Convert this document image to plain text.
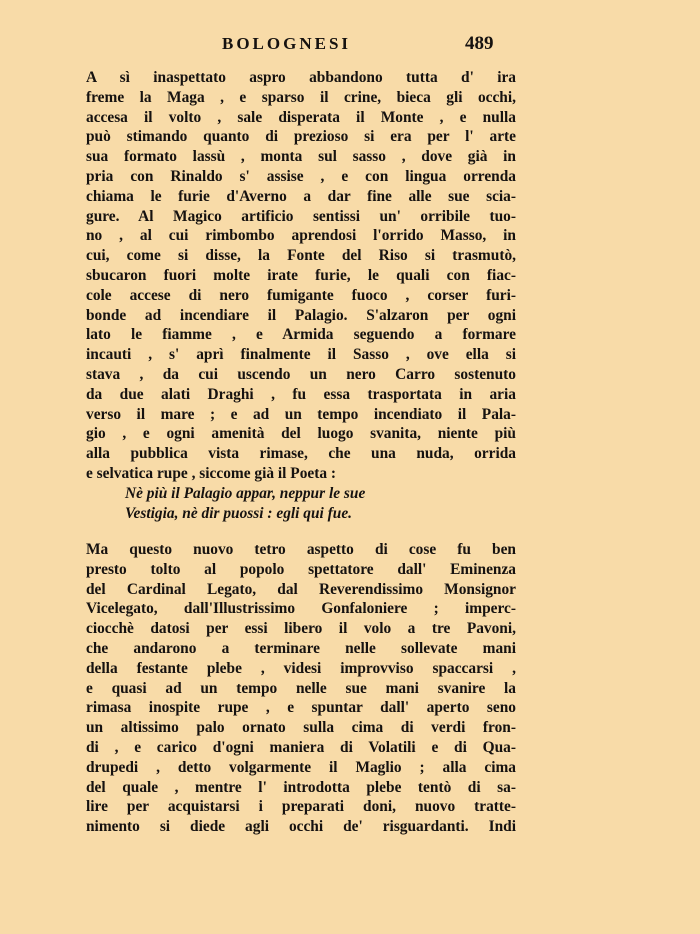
BOLOGNESI	489
A sì inaspettato aspro abbandono tutta d' ira
freme la Maga , e sparso il crine, bieca gli occhi,
accesa il volto , sale disperata il Monte , e nulla
può stimando quanto di prezioso si era per l' arte
sua formato lassù , monta sul sasso , dove già in
pria con Rinaldo s' assise , e con lingua orrenda
chiama le furie d'Averno a dar fine alle sue scia-
gure. Al Magico artificio sentissi un' orribile tuo-
no , al cui rimbombo aprendosi l'orrido Masso, in
cui, come si disse, la Fonte del Riso si trasmutò,
sbucaron fuori molte irate furie, le quali con fiac-
cole accese di nero fumigante fuoco , corser furi-
bonde ad incendiare il Palagio. S'alzaron per ogni
lato le fiamme , e Armida seguendo a formare
incauti , s' aprì finalmente il Sasso , ove ella si
stava , da cui uscendo un nero Carro sostenuto
da due alati Draghi , fu essa trasportata in aria
verso il mare ; e ad un tempo incendiato il Pala-
gio , e ogni amenità del luogo svanita, niente più
alla pubblica vista rimase, che una nuda, orrida
e selvatica rupe , siccome già il Poeta :
Nè più il Palagio appar, neppur le sue
Vestigia, nè dir puossi : egli qui fue.
Ma questo nuovo tetro aspetto di cose fu ben
presto tolto al popolo spettatore dall' Eminenza
del Cardinal Legato, dal Reverendissimo Monsignor
Vicelegato, dall'Illustrissimo Gonfaloniere ; imperc-
ciocchè datosi per essi libero il volo a tre Pavoni,
che andarono a terminare nelle sollevate mani
della festante plebe , videsi improvviso spaccarsi ,
e quasi ad un tempo nelle sue mani svanire la
rimasa inospite rupe , e spuntar dall' aperto seno
un altissimo palo ornato sulla cima di verdi fron-
di , e carico d'ogni maniera di Volatili e di Qua-
drupedi , detto volgarmente il Maglio ; alla cima
del quale , mentre l' introdotta plebe tentò di sa-
lire per acquistarsi i preparati doni, nuovo tratte-
nimento si diede agli occhi de' risguardanti. Indi
